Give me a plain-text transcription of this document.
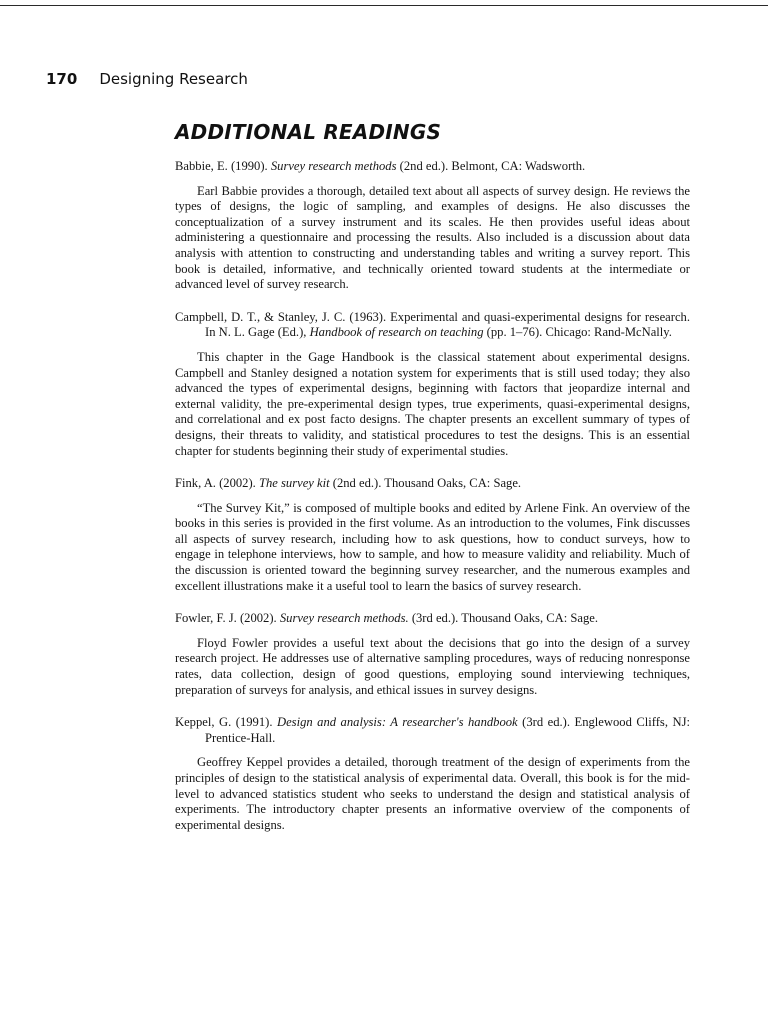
170 Designing Research
ADDITIONAL READINGS

Babbie, E. (1990). Survey research methods (2nd ed.). Belmont, CA: Wadsworth.

Earl Babbie provides a thorough, detailed text about all aspects of survey design. He reviews the types of designs, the logic of sampling, and examples of designs. He also discusses the conceptualization of a survey instrument and its scales. He then provides useful ideas about administering a questionnaire and processing the results. Also included is a discussion about data analysis with attention to constructing and understanding tables and writing a survey report. This book is detailed, informative, and technically oriented toward students at the intermediate or advanced level of survey research.

Campbell, D. T., & Stanley, J. C. (1963). Experimental and quasi-experimental designs for research. In N. L. Gage (Ed.), Handbook of research on teaching (pp. 1–76). Chicago: Rand-McNally.

This chapter in the Gage Handbook is the classical statement about experimental designs. Campbell and Stanley designed a notation system for experiments that is still used today; they also advanced the types of experimental designs, beginning with factors that jeopardize internal and external validity, the pre-experimental design types, true experiments, quasi-experimental designs, and correlational and ex post facto designs. The chapter presents an excellent summary of types of designs, their threats to validity, and statistical procedures to test the designs. This is an essential chapter for students beginning their study of experimental studies.

Fink, A. (2002). The survey kit (2nd ed.). Thousand Oaks, CA: Sage.

“The Survey Kit,” is composed of multiple books and edited by Arlene Fink. An overview of the books in this series is provided in the first volume. As an introduction to the volumes, Fink discusses all aspects of survey research, including how to ask questions, how to conduct surveys, how to engage in telephone interviews, how to sample, and how to measure validity and reliability. Much of the discussion is oriented toward the beginning survey researcher, and the numerous examples and excellent illustrations make it a useful tool to learn the basics of survey research.

Fowler, F. J. (2002). Survey research methods. (3rd ed.). Thousand Oaks, CA: Sage.

Floyd Fowler provides a useful text about the decisions that go into the design of a survey research project. He addresses use of alternative sampling procedures, ways of reducing nonresponse rates, data collection, design of good questions, employing sound interviewing techniques, preparation of surveys for analysis, and ethical issues in survey designs.

Keppel, G. (1991). Design and analysis: A researcher's handbook (3rd ed.). Englewood Cliffs, NJ: Prentice-Hall.

Geoffrey Keppel provides a detailed, thorough treatment of the design of experiments from the principles of design to the statistical analysis of experimental data. Overall, this book is for the mid-level to advanced statistics student who seeks to understand the design and statistical analysis of experiments. The introductory chapter presents an informative overview of the components of experimental designs.
